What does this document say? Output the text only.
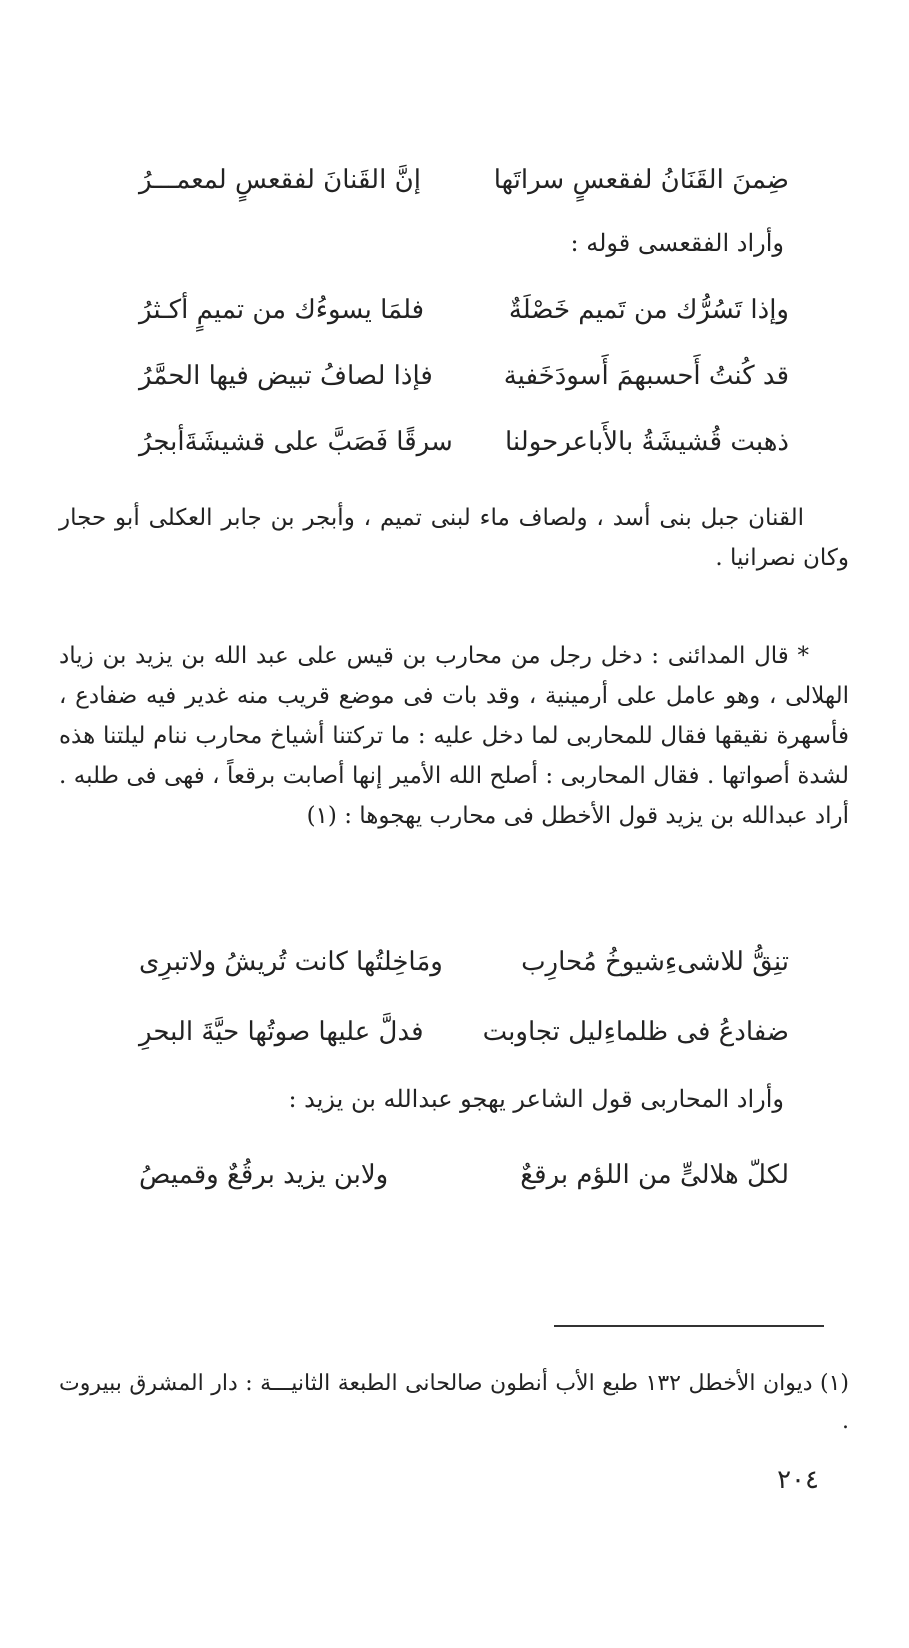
ضِمنَ القَنَانُ لفقعسٍ سراتَها
إنَّ القَنانَ لفقعسٍ لمعمـــرُ
وأراد الفقعسى قوله :
وإذا تَسُرُّك من تَميم خَصْلَةٌ
فلمَا يسوءُك من تميمٍ أكـثرُ
قد كُنتُ أَحسبهمَ أَسودَخَفية
فإذا لصافُ تبيض فيها الحمَّرُ
ذهبت قُشيشَةُ بالأَباعرحولنا
سرقًا فَصَبَّ على قشيشَةَأبجرُ
القنان جبل بنى أسد ، ولصاف ماء لبنى تميم ، وأبجر بن جابر العكلى أبو حجار وكان نصرانيا .
* قال المدائنى : دخل رجل من محارب بن قيس على عبد الله بن يزيد بن زياد الهلالى ، وهو عامل على أرمينية ، وقد بات فى موضع قريب منه غدير فيه ضفادع ، فأسهرة نقيقها فقال للمحاربى لما دخل عليه : ما تركتنا أشياخ محارب ننام ليلتنا هذه لشدة أصواتها . فقال المحاربى : أصلح الله الأمير إنها أصابت برقعاً ، فهى فى طلبه . أراد عبدالله بن يزيد قول الأخطل فى محارب يهجوها : (١)
تنِقُّ للاشىءِشيوخُ مُحارِب
ومَاخِلتُها كانت تُريشُ ولاتبرِى
ضفادعُ فى ظلماءِليل تجاوبت
فدلَّ عليها صوتُها حيَّةَ البحرِ
وأراد المحاربى قول الشاعر يهجو عبدالله بن يزيد :
لكلّ هلالىٍّ من اللؤم برقعٌ
ولابن يزيد برقُعٌ وقميصُ
(١) ديوان الأخطل ١٣٢ طبع الأب أنطون صالحانى الطبعة الثانيـــة : دار المشرق ببيروت .
٢٠٤
